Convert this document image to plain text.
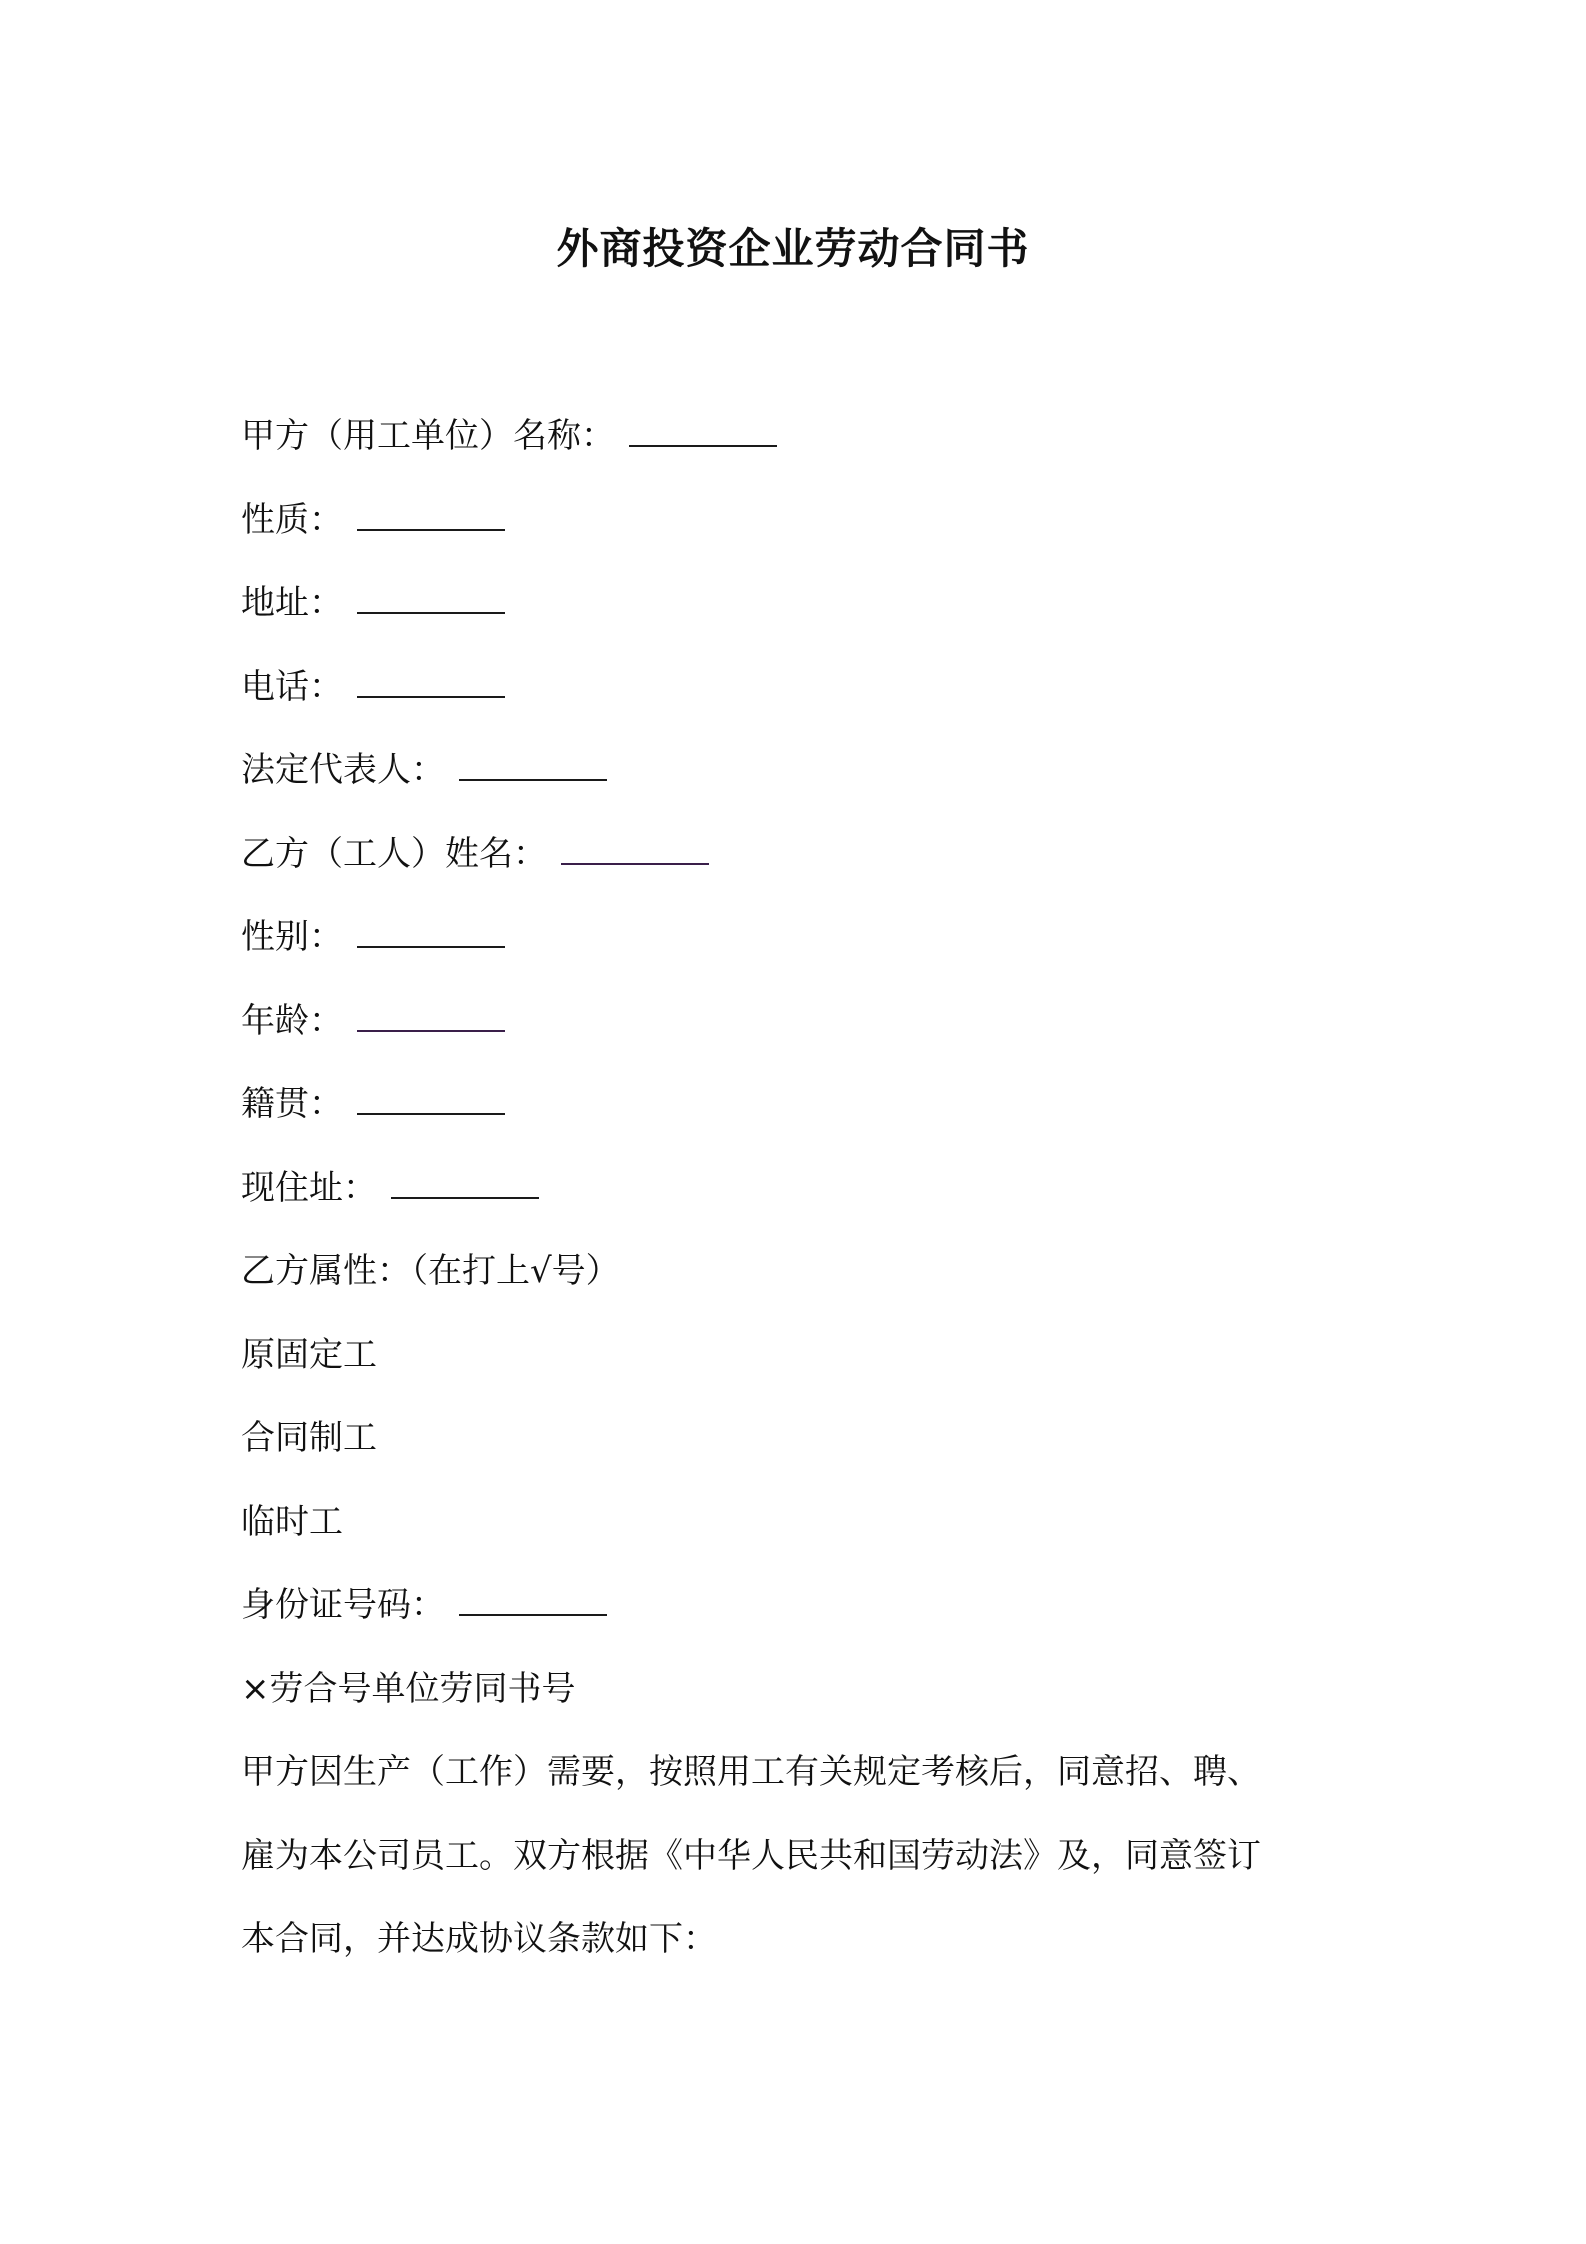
外商投资企业劳动合同书
甲方（用工单位）名称：
性质：
地址：
电话：
法定代表人：
乙方（工人）姓名：
性别：
年龄：
籍贯：
现住址：
乙方属性：（在打上√号）
原固定工
合同制工
临时工
身份证号码：
×劳合号单位劳同书号
甲方因生产（工作）需要，按照用工有关规定考核后，同意招、聘、
雇为本公司员工。双方根据《中华人民共和国劳动法》及，同意签订
本合同，并达成协议条款如下：
